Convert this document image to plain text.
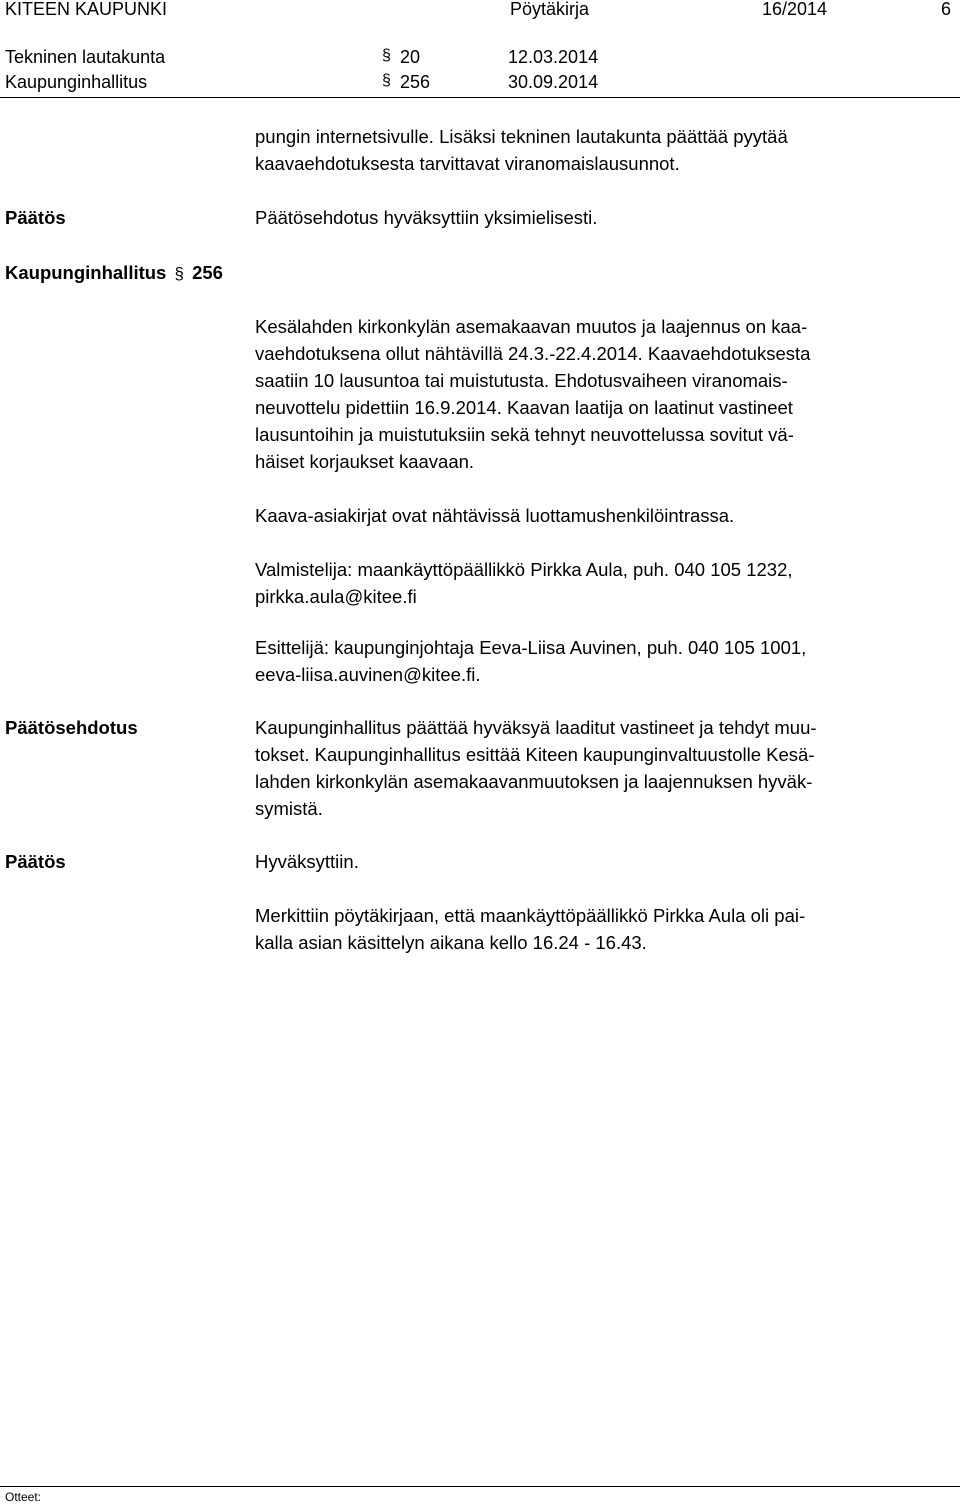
KITEEN KAUPUNKI	Pöytäkirja	16/2014	6
Tekninen lautakunta	§ 20	12.03.2014
Kaupunginhallitus	§ 256	30.09.2014
pungin internetsivulle. Lisäksi tekninen lautakunta päättää pyytää
kaavaehdotuksesta tarvittavat viranomaislausunnot.
Päätös	Päätösehdotus hyväksyttiin yksimielisesti.
Kaupunginhallitus § 256
Kesälahden kirkonkylän asemakaavan muutos ja laajennus on kaa-
vaehdotuksena ollut nähtävillä 24.3.-22.4.2014. Kaavaehdotuksesta
saatiin 10 lausuntoa tai muistutusta. Ehdotusvaiheen viranomais-
neuvottelu pidettiin 16.9.2014. Kaavan laatija on laatinut vastineet
lausuntoihin ja muistutuksiin sekä tehnyt neuvottelussa sovitut vä-
häiset korjaukset kaavaan.
Kaava-asiakirjat ovat nähtävissä luottamushenkilöintrassa.
Valmistelija: maankäyttöpäällikkö Pirkka Aula, puh. 040 105 1232,
pirkka.aula@kitee.fi
Esittelijä: kaupunginjohtaja Eeva-Liisa Auvinen, puh. 040 105 1001,
eeva-liisa.auvinen@kitee.fi.
Päätösehdotus	Kaupunginhallitus päättää hyväksyä laaditut vastineet ja tehdyt muu-
tokset. Kaupunginhallitus esittää Kiteen kaupunginvaltuustolle Kesä-
lahden kirkonkylän asemakaavanmuutoksen ja laajennuksen hyväk-
symistä.
Päätös	Hyväksyttiin.
Merkittiin pöytäkirjaan, että maankäyttöpäällikkö Pirkka Aula oli pai-
kalla asian käsittelyn aikana kello 16.24 - 16.43.
Otteet:
